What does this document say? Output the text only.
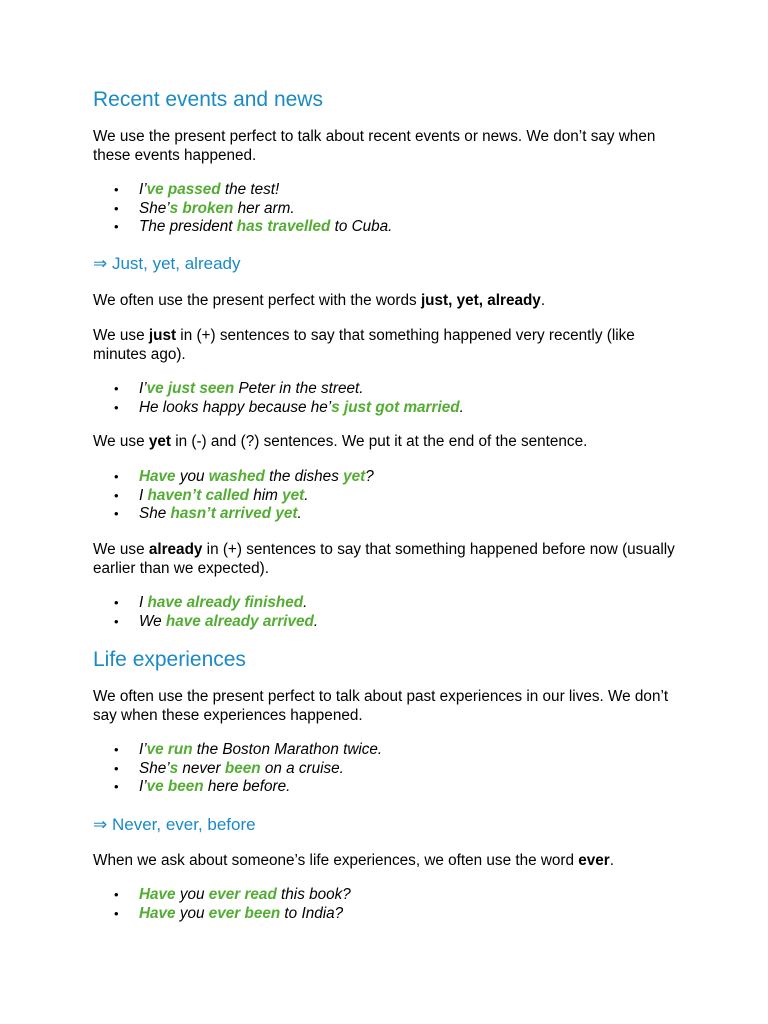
Recent events and news

We use the present perfect to talk about recent events or news. We don’t say when these events happened.

• I’ve passed the test!
• She’s broken her arm.
• The president has travelled to Cuba.
⇒ Just, yet, already

We often use the present perfect with the words just, yet, already.

We use just in (+) sentences to say that something happened very recently (like minutes ago).

• I’ve just seen Peter in the street.
• He looks happy because he’s just got married.

We use yet in (-) and (?) sentences. We put it at the end of the sentence.

• Have you washed the dishes yet?
• I haven’t called him yet.
• She hasn’t arrived yet.

We use already in (+) sentences to say that something happened before now (usually earlier than we expected).

• I have already finished.
• We have already arrived.
Life experiences

We often use the present perfect to talk about past experiences in our lives. We don’t say when these experiences happened.

• I’ve run the Boston Marathon twice.
• She’s never been on a cruise.
• I’ve been here before.
⇒ Never, ever, before

When we ask about someone’s life experiences, we often use the word ever.

• Have you ever read this book?
• Have you ever been to India?
